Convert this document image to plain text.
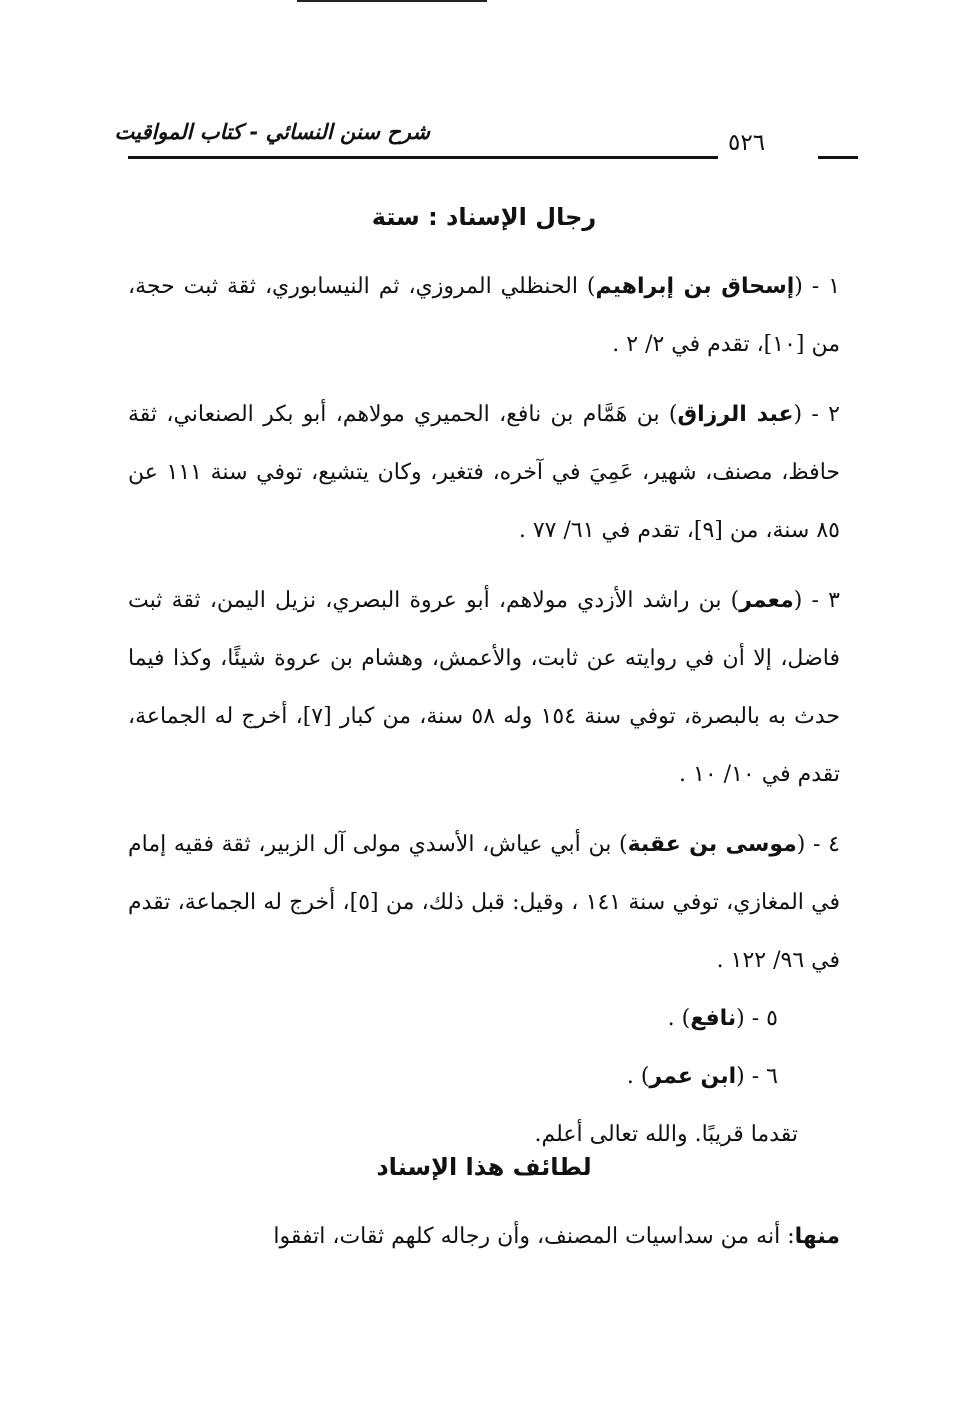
شرح سنن النسائي - كتاب المواقيت	٥٢٦
رجال الإسناد : ستة

١ - (إسحاق بن إبراهيم) الحنظلي المروزي، ثم النيسابوري، ثقة ثبت حجة، من [١٠]، تقدم في ٢/ ٢ .

٢ - (عبد الرزاق) بن هَمَّام بن نافع، الحميري مولاهم، أبو بكر الصنعاني، ثقة حافظ، مصنف، شهير، عَمِيَ في آخره، فتغير، وكان يتشيع، توفي سنة ١١١ عن ٨٥ سنة، من [٩]، تقدم في ٦١/ ٧٧ .

٣ - (معمر) بن راشد الأزدي مولاهم، أبو عروة البصري، نزيل اليمن، ثقة ثبت فاضل، إلا أن في روايته عن ثابت، والأعمش، وهشام بن عروة شيئًا، وكذا فيما حدث به بالبصرة، توفي سنة ١٥٤ وله ٥٨ سنة، من كبار [٧]، أخرج له الجماعة، تقدم في ١٠/ ١٠ .

٤ - (موسى بن عقبة) بن أبي عياش، الأسدي مولى آل الزبير، ثقة فقيه إمام في المغازي، توفي سنة ١٤١ ، وقيل: قبل ذلك، من [٥]، أخرج له الجماعة، تقدم في ٩٦/ ١٢٢ .

٥ - (نافع) .

٦ - (ابن عمر) .

تقدما قريبًا. والله تعالى أعلم.

لطائف هذا الإسناد

منها: أنه من سداسيات المصنف، وأن رجاله كلهم ثقات، اتفقوا
